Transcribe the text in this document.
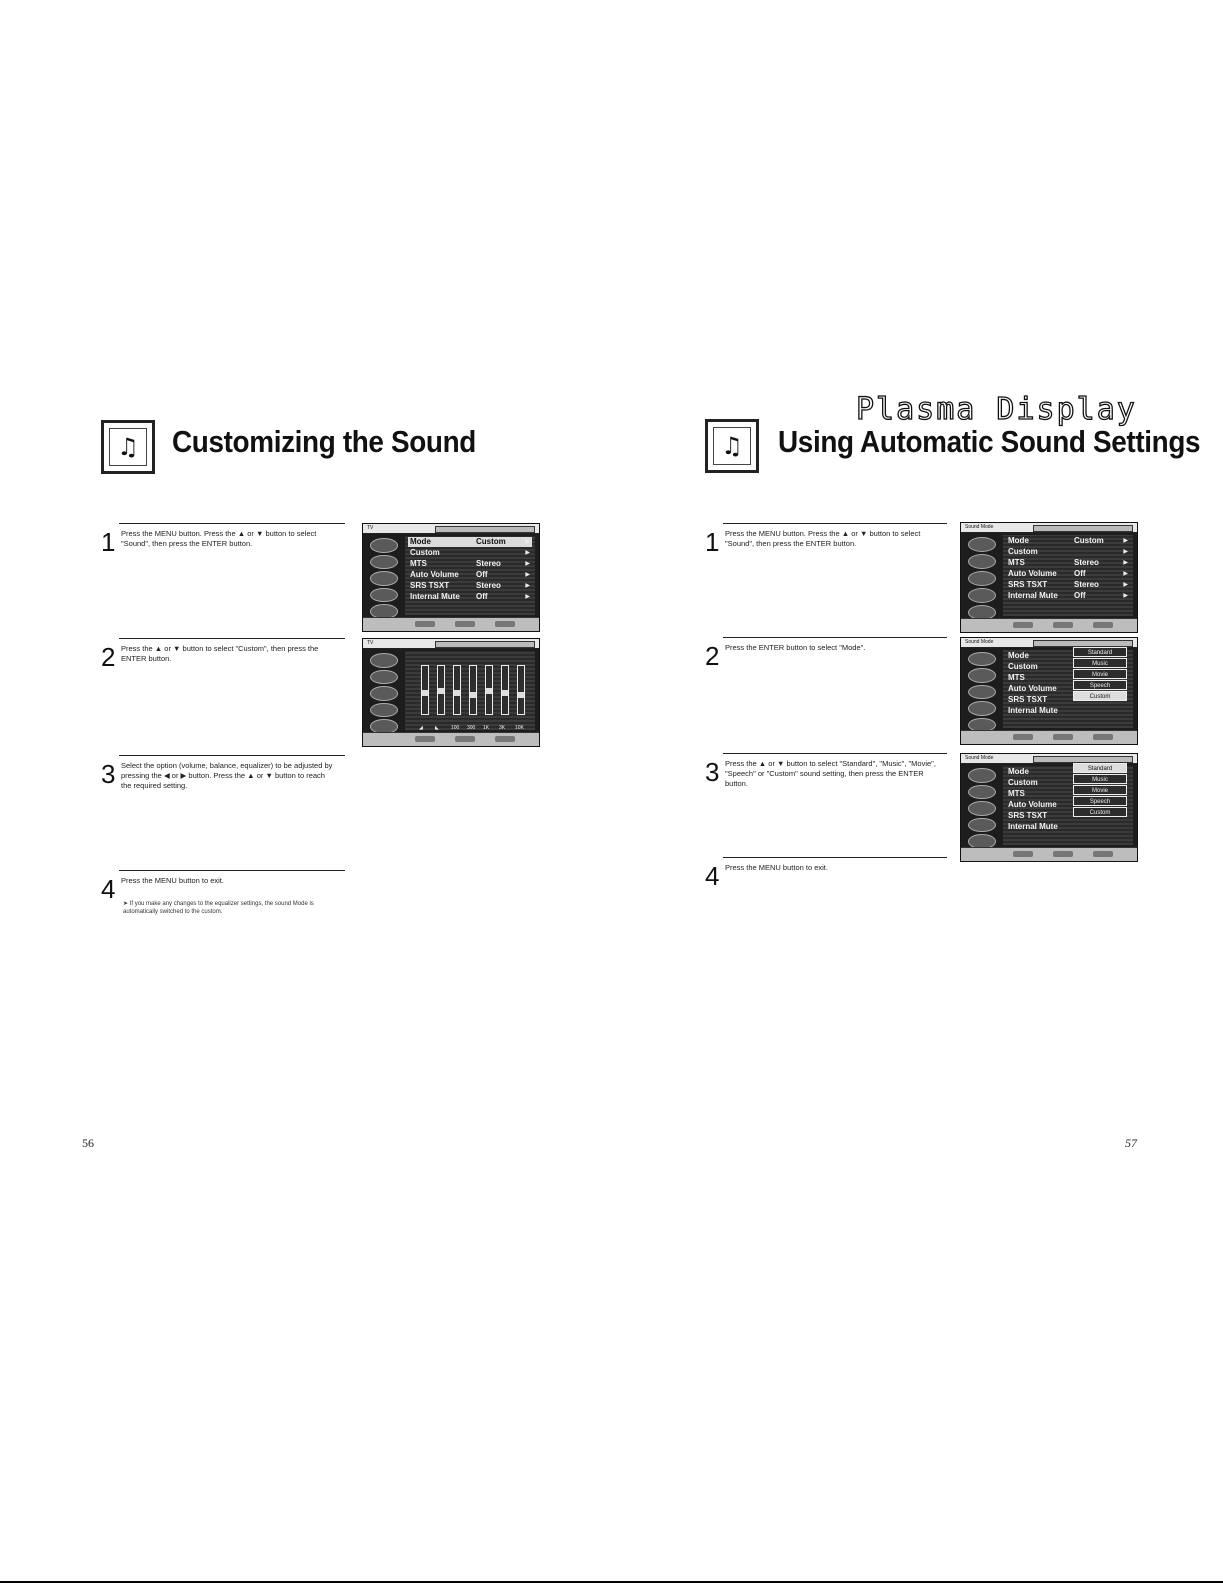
♫	Customizing the Sound
1 Press the MENU button. Press the ▲ or ▼ button to select "Sound", then press the ENTER button.
2 Press the ▲ or ▼ button to select "Custom", then press the ENTER button.
3 Select the option (volume, balance, equalizer) to be adjusted by pressing the ◀ or ▶ button. Press the ▲ or ▼ button to reach the required setting.
4 Press the MENU button to exit.
➤ If you make any changes to the equalizer settings, the sound Mode is automatically switched to the custom.
TV
Mode	Custom	▶
Custom	▶
MTS	Stereo	▶
Auto Volume Off	▶
SRS TSXT	Stereo	▶
Internal Mute Off	▶
TV
◢ ◣ 100 300 1K 3K 10K
56
Plasma Display
♫	Using Automatic Sound Settings
1 Press the MENU button. Press the ▲ or ▼ button to select "Sound", then press the ENTER button.
2 Press the ENTER button to select "Mode".
3 Press the ▲ or ▼ button to select "Standard", "Music", "Movie", "Speech" or "Custom" sound setting, then press the ENTER button.
4 Press the MENU button to exit.
Sound Mode
Mode	Custom	▶
Custom	▶
MTS	Stereo	▶
Auto Volume Off	▶
SRS TSXT	Stereo	▶
Internal Mute Off	▶
Sound Mode
Mode
Custom
MTS
Auto Volume
SRS TSXT
Internal Mute
Standard
Music
Movie
Speech
Custom
Sound Mode
Mode
Custom
MTS
Auto Volume
SRS TSXT
Internal Mute
Standard
Music
Movie
Speech
Custom
57
